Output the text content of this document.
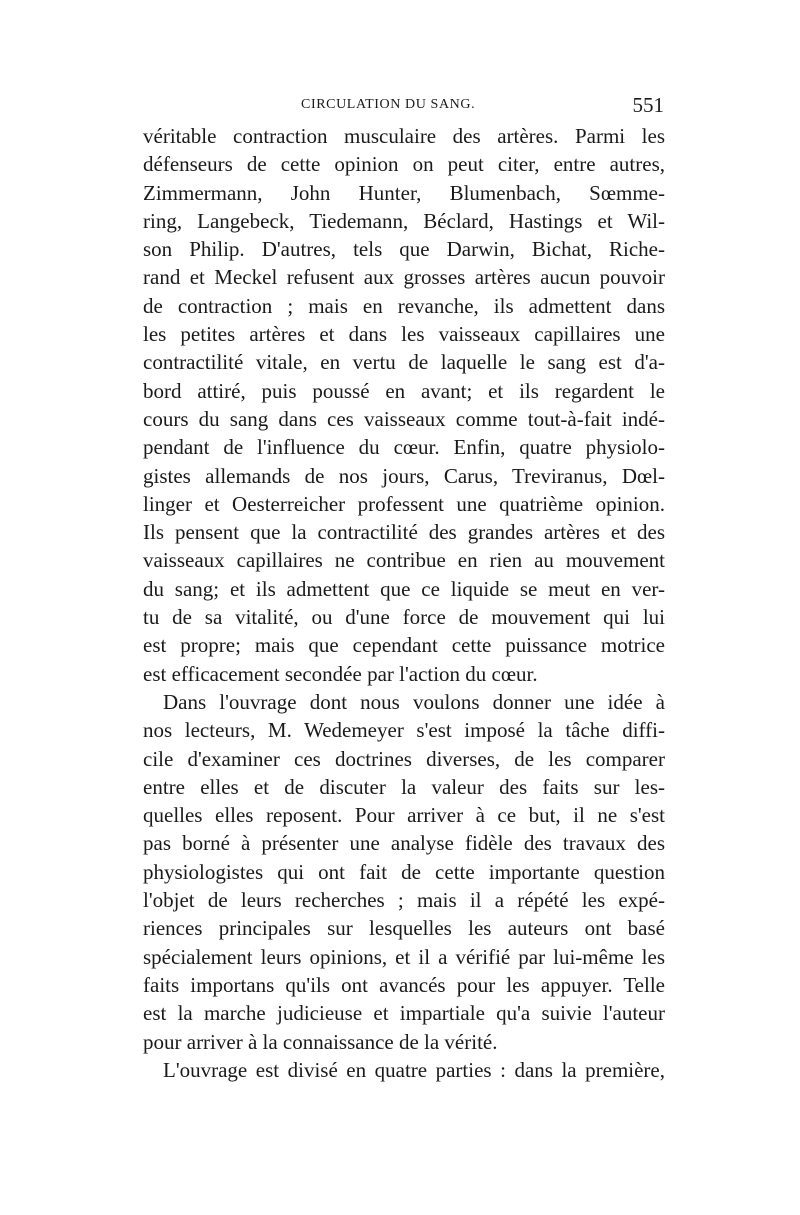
CIRCULATION DU SANG.	551
véritable contraction musculaire des artères. Parmi les
défenseurs de cette opinion on peut citer, entre autres,
Zimmermann, John Hunter, Blumenbach, Sœmme-
ring, Langebeck, Tiedemann, Béclard, Hastings et Wil-
son Philip. D'autres, tels que Darwin, Bichat, Riche-
rand et Meckel refusent aux grosses artères aucun pouvoir
de contraction ; mais en revanche, ils admettent dans
les petites artères et dans les vaisseaux capillaires une
contractilité vitale, en vertu de laquelle le sang est d'a-
bord attiré, puis poussé en avant; et ils regardent le
cours du sang dans ces vaisseaux comme tout-à-fait indé-
pendant de l'influence du cœur. Enfin, quatre physiolo-
gistes allemands de nos jours, Carus, Treviranus, Dœl-
linger et Oesterreicher professent une quatrième opinion.
Ils pensent que la contractilité des grandes artères et des
vaisseaux capillaires ne contribue en rien au mouvement
du sang; et ils admettent que ce liquide se meut en ver-
tu de sa vitalité, ou d'une force de mouvement qui lui
est propre; mais que cependant cette puissance motrice
est efficacement secondée par l'action du cœur.
Dans l'ouvrage dont nous voulons donner une idée à
nos lecteurs, M. Wedemeyer s'est imposé la tâche diffi-
cile d'examiner ces doctrines diverses, de les comparer
entre elles et de discuter la valeur des faits sur les-
quelles elles reposent. Pour arriver à ce but, il ne s'est
pas borné à présenter une analyse fidèle des travaux des
physiologistes qui ont fait de cette importante question
l'objet de leurs recherches ; mais il a répété les expé-
riences principales sur lesquelles les auteurs ont basé
spécialement leurs opinions, et il a vérifié par lui-même les
faits importans qu'ils ont avancés pour les appuyer. Telle
est la marche judicieuse et impartiale qu'a suivie l'auteur
pour arriver à la connaissance de la vérité.
L'ouvrage est divisé en quatre parties : dans la première,
